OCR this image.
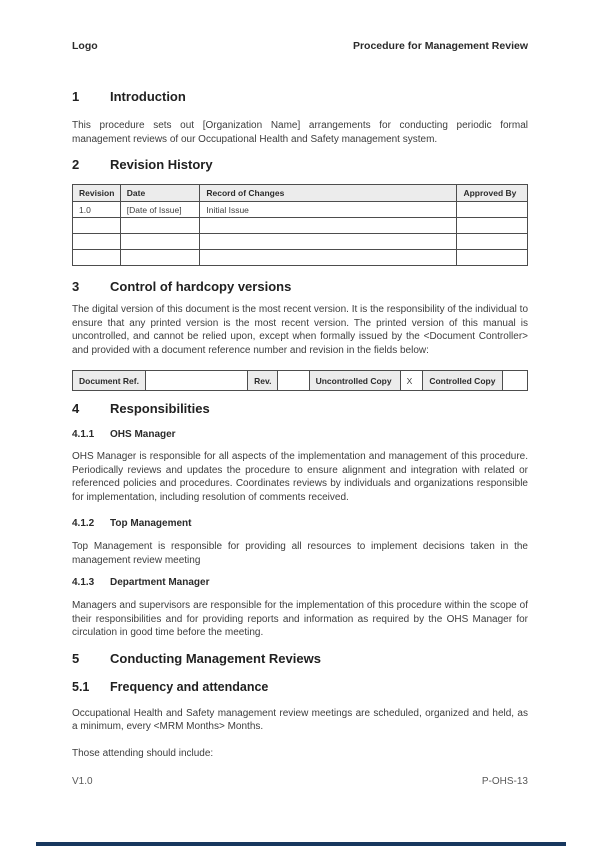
Logo	Procedure for Management Review
1	Introduction
This procedure sets out [Organization Name] arrangements for conducting periodic formal management reviews of our Occupational Health and Safety management system.
2	Revision History
Revision	Date	Record of Changes	Approved By
1.0	[Date of Issue]	Initial Issue	

3	Control of hardcopy versions
The digital version of this document is the most recent version. It is the responsibility of the individual to ensure that any printed version is the most recent version. The printed version of this manual is uncontrolled, and cannot be relied upon, except when formally issued by the <Document Controller> and provided with a document reference number and revision in the fields below:
Document Ref.		Rev.		Uncontrolled Copy	X	Controlled Copy	
4	Responsibilities
4.1.1	OHS Manager
OHS Manager is responsible for all aspects of the implementation and management of this procedure. Periodically reviews and updates the procedure to ensure alignment and integration with related or referenced policies and procedures. Coordinates reviews by individuals and organizations responsible for implementation, including resolution of comments received.
4.1.2	Top Management
Top Management is responsible for providing all resources to implement decisions taken in the management review meeting
4.1.3	Department Manager
Managers and supervisors are responsible for the implementation of this procedure within the scope of their responsibilities and for providing reports and information as required by the OHS Manager for circulation in good time before the meeting.
5	Conducting Management Reviews
5.1	Frequency and attendance
Occupational Health and Safety management review meetings are scheduled, organized and held, as a minimum, every <MRM Months> Months.
Those attending should include:
V1.0	P-OHS-13
